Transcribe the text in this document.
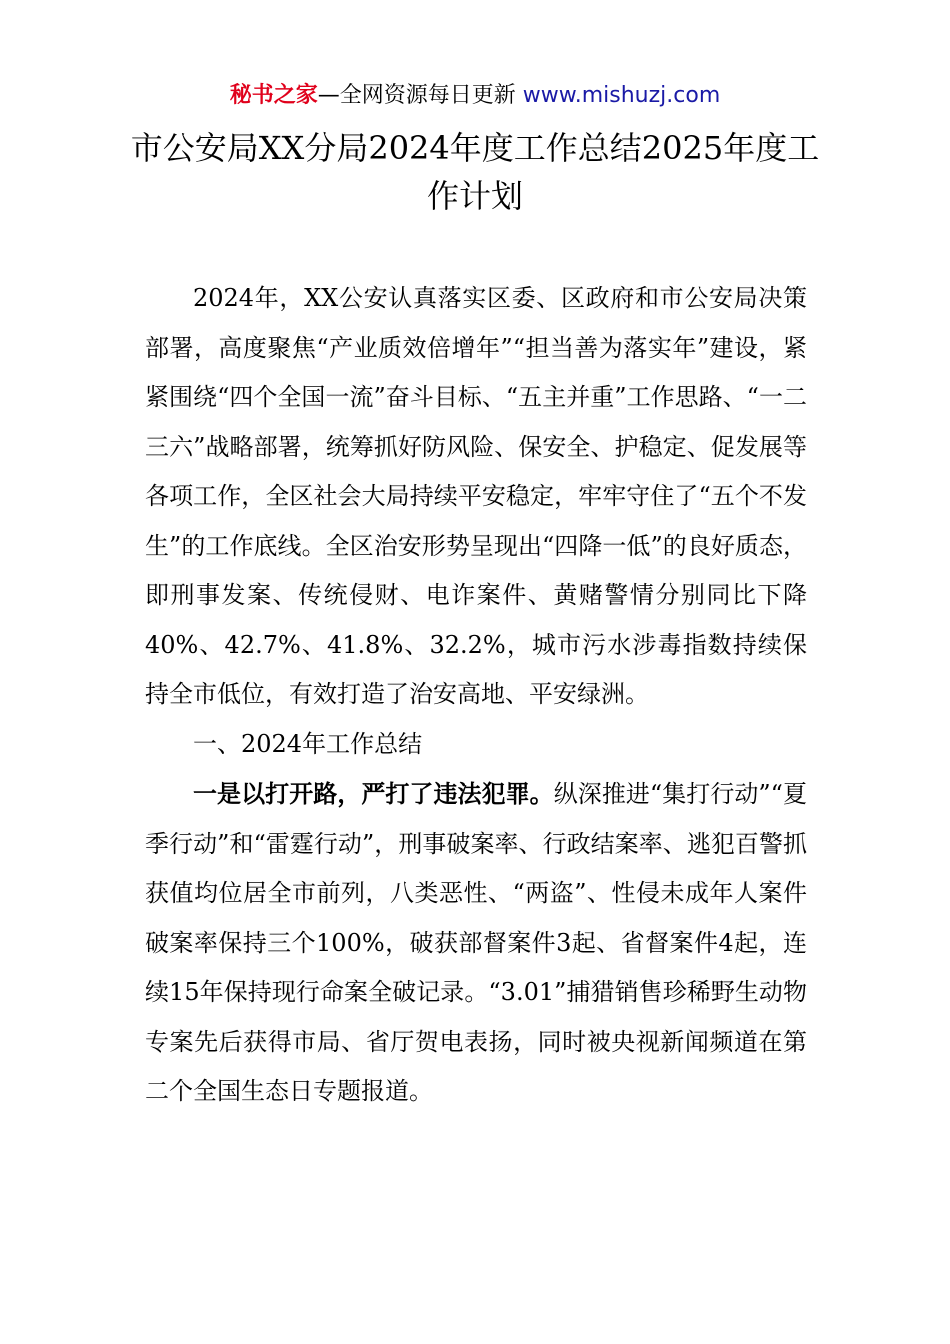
秘书之家—全网资源每日更新 www.mishuzj.com
市公安局XX分局2024年度工作总结2025年度工作计划

2024年，XX公安认真落实区委、区政府和市公安局决策部署，高度聚焦“产业质效倍增年”“担当善为落实年”建设，紧紧围绕“四个全国一流”奋斗目标、“五主并重”工作思路、“一二三六”战略部署，统筹抓好防风险、保安全、护稳定、促发展等各项工作，全区社会大局持续平安稳定，牢牢守住了“五个不发生”的工作底线。全区治安形势呈现出“四降一低”的良好质态，即刑事发案、传统侵财、电诈案件、黄赌警情分别同比下降40%、42.7%、41.8%、32.2%，城市污水涉毒指数持续保持全市低位，有效打造了治安高地、平安绿洲。

一、2024年工作总结

一是以打开路，严打了违法犯罪。纵深推进“集打行动”“夏季行动”和“雷霆行动”，刑事破案率、行政结案率、逃犯百警抓获值均位居全市前列，八类恶性、“两盗”、性侵未成年人案件破案率保持三个100%，破获部督案件3起、省督案件4起，连续15年保持现行命案全破记录。“3.01”捕猎销售珍稀野生动物专案先后获得市局、省厅贺电表扬，同时被央视新闻频道在第二个全国生态日专题报道。
